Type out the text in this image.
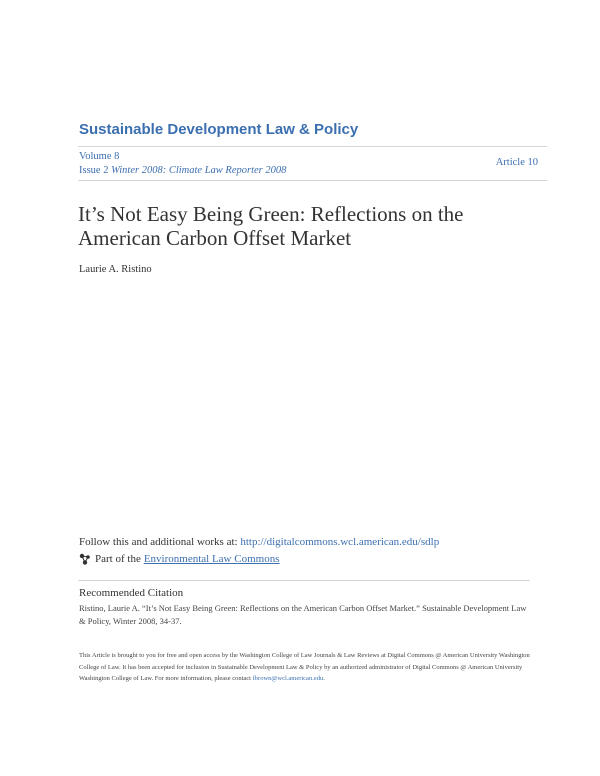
Sustainable Development Law & Policy
Volume 8
Issue 2 Winter 2008: Climate Law Reporter 2008
Article 10
It’s Not Easy Being Green: Reflections on the American Carbon Offset Market
Laurie A. Ristino
Follow this and additional works at: http://digitalcommons.wcl.american.edu/sdlp
Part of the Environmental Law Commons
Recommended Citation
Ristino, Laurie A. “It’s Not Easy Being Green: Reflections on the American Carbon Offset Market.” Sustainable Development Law & Policy, Winter 2008, 34-37.
This Article is brought to you for free and open access by the Washington College of Law Journals & Law Reviews at Digital Commons @ American University Washington College of Law. It has been accepted for inclusion in Sustainable Development Law & Policy by an authorized administrator of Digital Commons @ American University Washington College of Law. For more information, please contact fbrown@wcl.american.edu.
